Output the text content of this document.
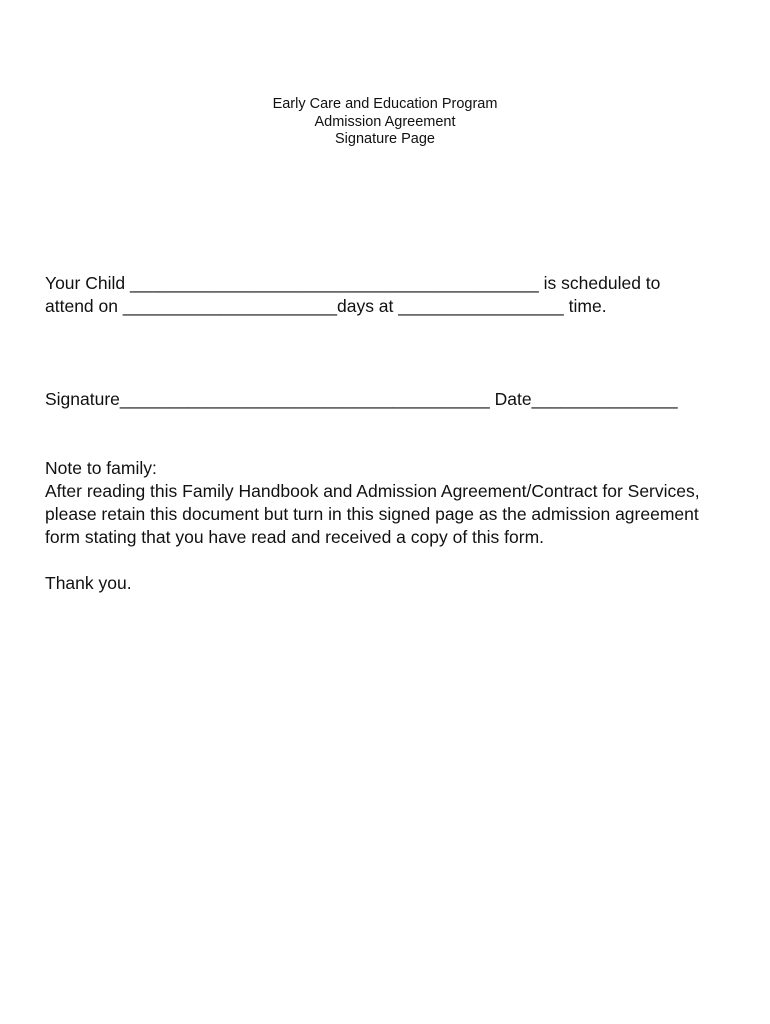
Early Care and Education Program
Admission Agreement
Signature Page
Your Child __________________________________________ is scheduled to
attend on ______________________days at _________________ time.
Signature______________________________________ Date_______________
Note to family:
After reading this Family Handbook and Admission Agreement/Contract for Services,
please retain this document but turn in this signed page as the admission agreement
form stating that you have read and received a copy of this form.
Thank you.
